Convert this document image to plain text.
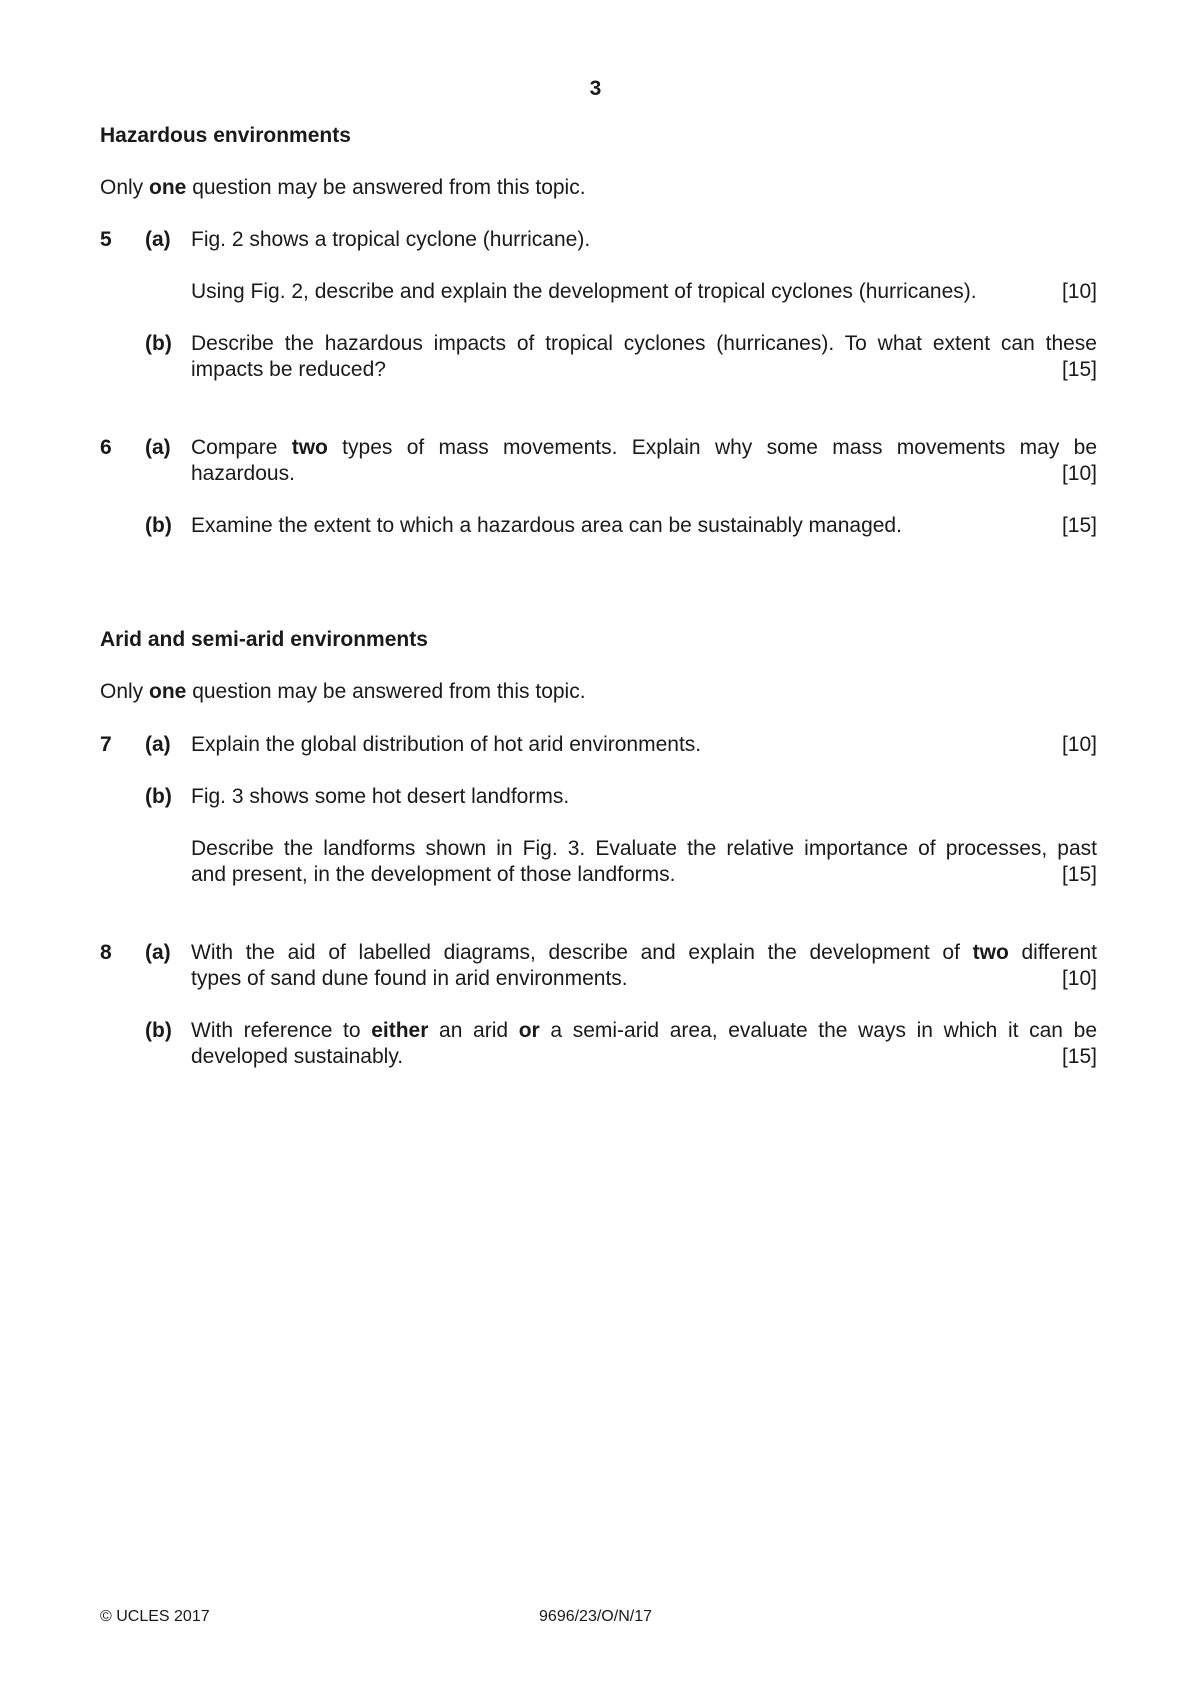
3
Hazardous environments
Only one question may be answered from this topic.
5 (a) Fig. 2 shows a tropical cyclone (hurricane).
Using Fig. 2, describe and explain the development of tropical cyclones (hurricanes).	[10]
(b) Describe the hazardous impacts of tropical cyclones (hurricanes). To what extent can these
impacts be reduced?	[15]
6 (a) Compare two types of mass movements. Explain why some mass movements may be
hazardous.	[10]
(b) Examine the extent to which a hazardous area can be sustainably managed.	[15]
Arid and semi-arid environments
Only one question may be answered from this topic.
7 (a) Explain the global distribution of hot arid environments.	[10]
(b) Fig. 3 shows some hot desert landforms.
Describe the landforms shown in Fig. 3. Evaluate the relative importance of processes, past
and present, in the development of those landforms.	[15]
8 (a) With the aid of labelled diagrams, describe and explain the development of two different
types of sand dune found in arid environments.	[10]
(b) With reference to either an arid or a semi-arid area, evaluate the ways in which it can be
developed sustainably.	[15]
© UCLES 2017	9696/23/O/N/17
